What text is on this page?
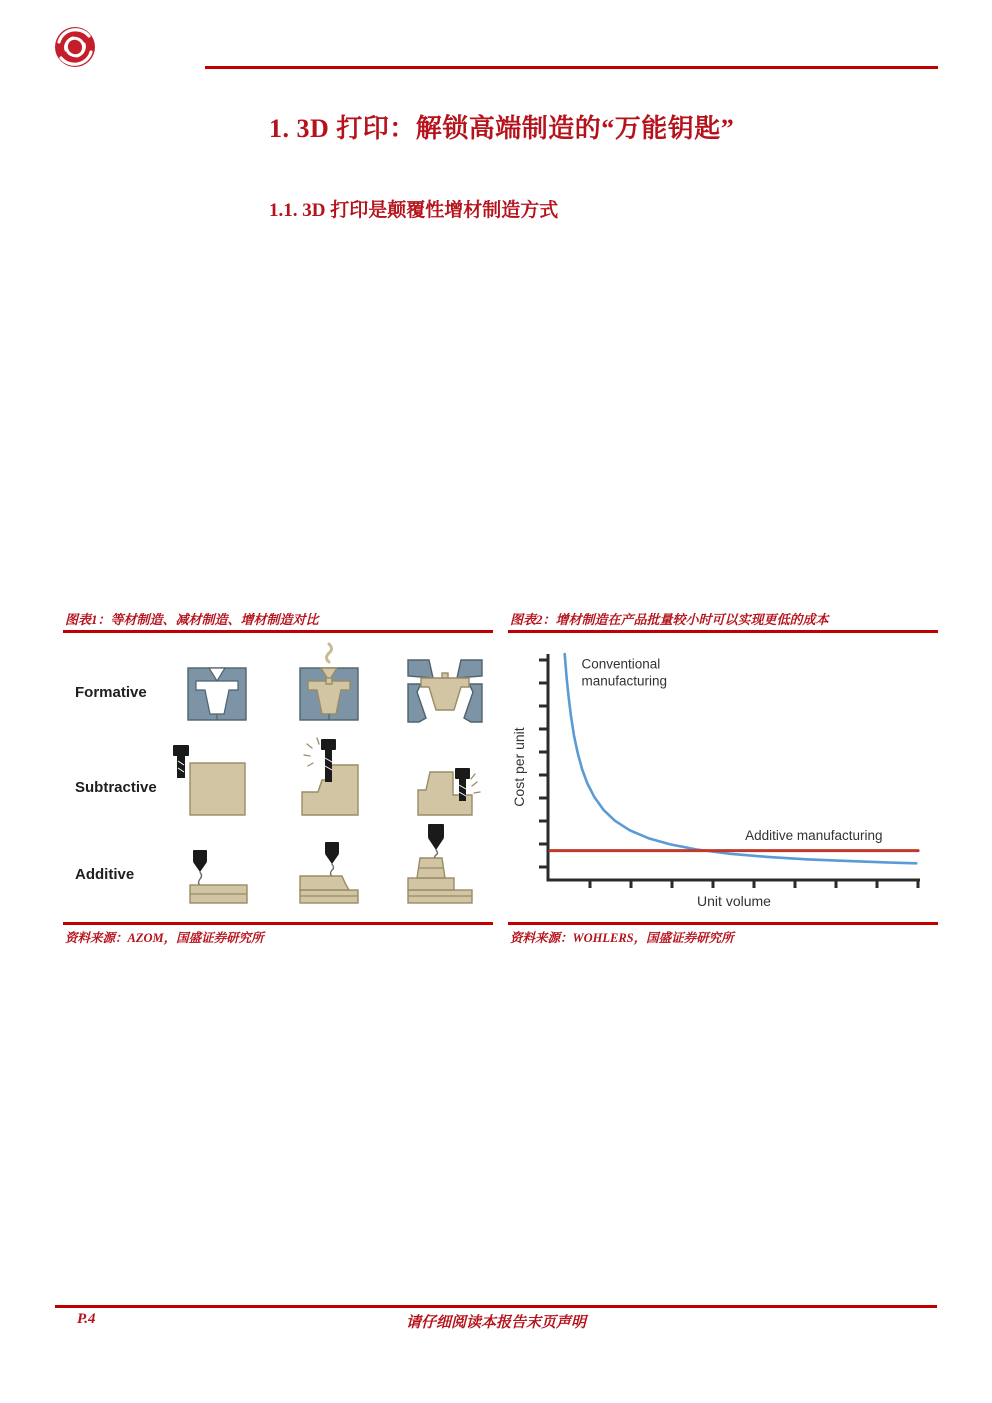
1. 3D 打印：解锁高端制造的“万能钥匙”
1.1. 3D 打印是颠覆性增材制造方式
图表1：等材制造、减材制造、增材制造对比
Formative
Subtractive
Additive
资料来源：AZOM，国盛证券研究所
图表2：增材制造在产品批量较小时可以实现更低的成本
Unit volume
Cost per unit
Conventional
manufacturing
Additive manufacturing
资料来源：WOHLERS，国盛证券研究所
P.4	请仔细阅读本报告末页声明
